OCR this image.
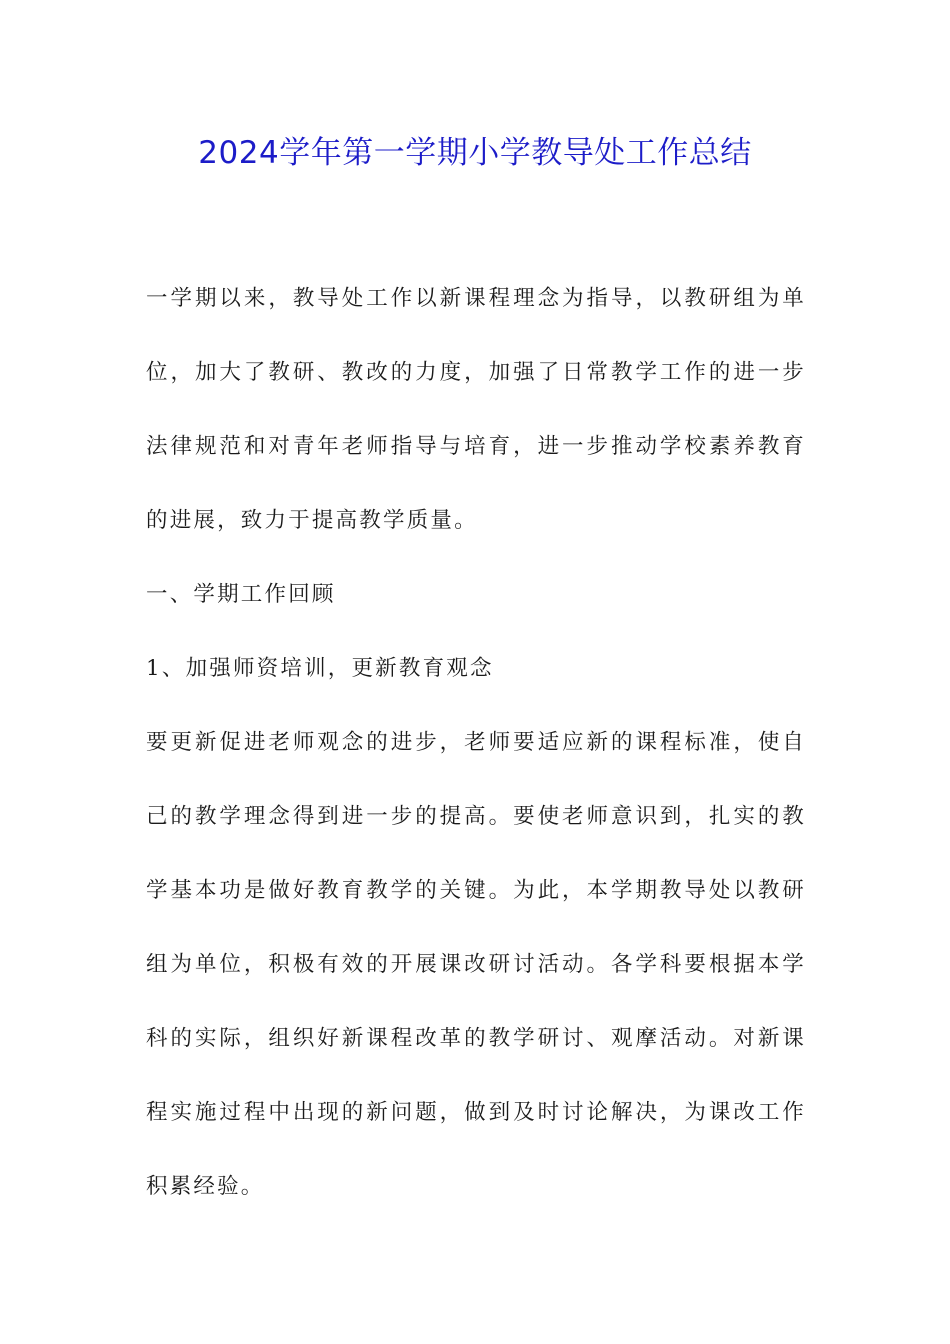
2024学年第一学期小学教导处工作总结

一学期以来，教导处工作以新课程理念为指导，以教研组为单位，加大了教研、教改的力度，加强了日常教学工作的进一步法律规范和对青年老师指导与培育，进一步推动学校素养教育的进展，致力于提高教学质量。

一、学期工作回顾

1、加强师资培训，更新教育观念

要更新促进老师观念的进步，老师要适应新的课程标准，使自己的教学理念得到进一步的提高。要使老师意识到，扎实的教学基本功是做好教育教学的关键。为此，本学期教导处以教研组为单位，积极有效的开展课改研讨活动。各学科要根据本学科的实际，组织好新课程改革的教学研讨、观摩活动。对新课程实施过程中出现的新问题，做到及时讨论解决，为课改工作积累经验。
